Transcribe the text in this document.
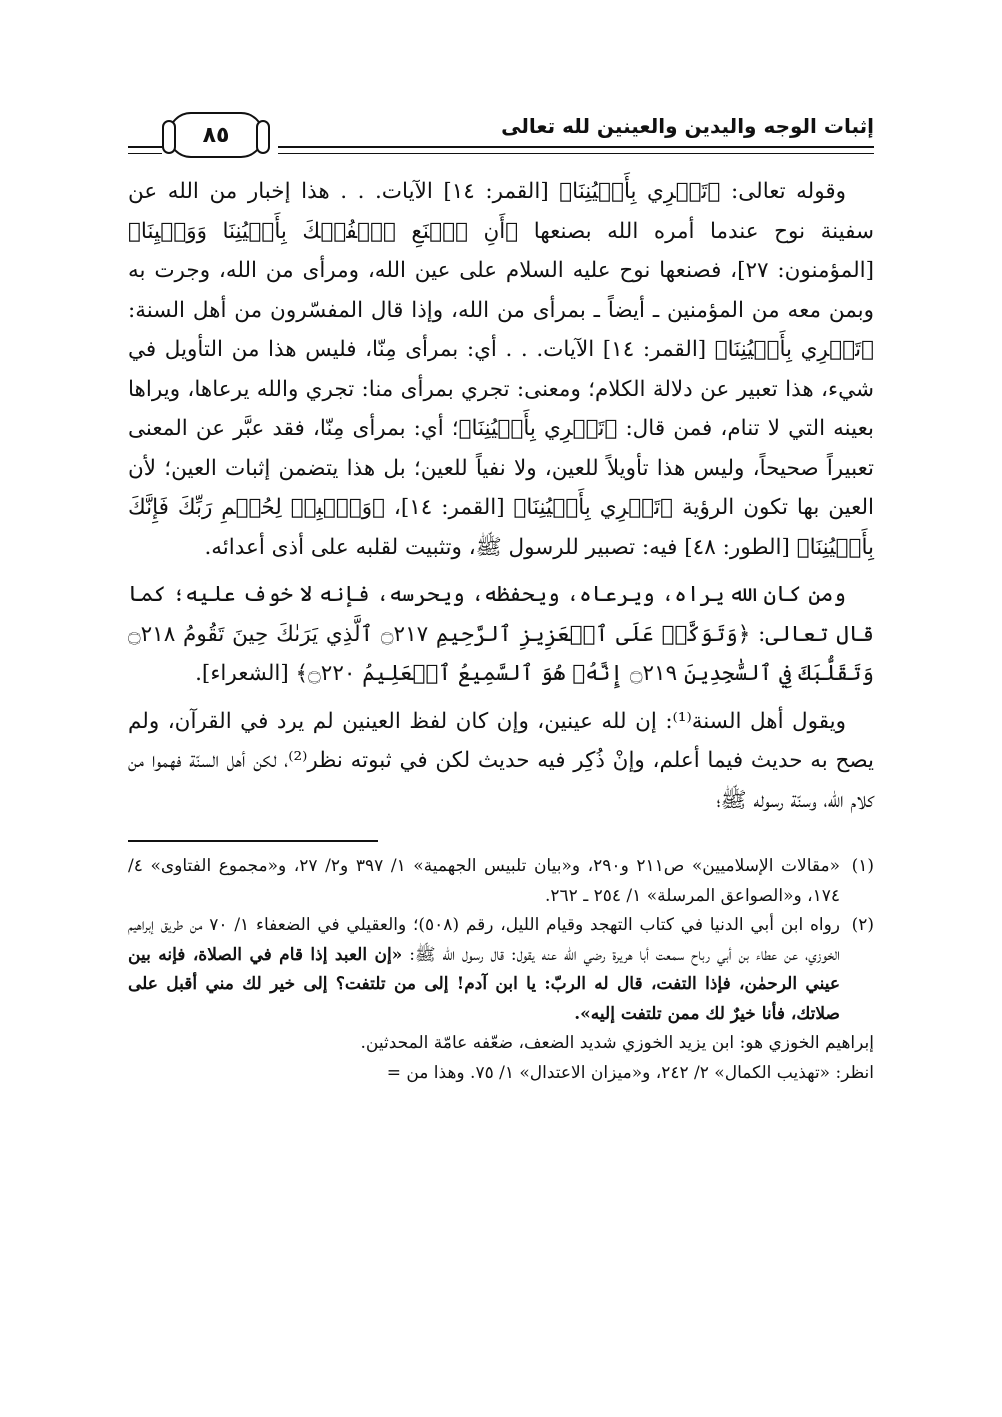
إثبات الوجه واليدين والعينين لله تعالى
٨٥

وقوله تعالى: ﴿تَجۡرِي بِأَعۡيُنِنَا﴾ [القمر: ١٤] الآيات. . . هذا إخبار من الله عن سفينة نوح عندما أمره الله بصنعها ﴿أَنِ ٱصۡنَعِ ٱلۡفُلۡكَ بِأَعۡيُنِنَا وَوَحۡيِنَا﴾ [المؤمنون: ٢٧]، فصنعها نوح عليه السلام على عين الله، ومرأى من الله، وجرت به وبمن معه من المؤمنين ـ أيضاً ـ بمرأى من الله، وإذا قال المفسّرون من أهل السنة: ﴿تَجۡرِي بِأَعۡيُنِنَا﴾ [القمر: ١٤] الآيات. . . أي: بمرأى مِنّا، فليس هذا من التأويل في شيء، هذا تعبير عن دلالة الكلام؛ ومعنى: تجري بمرأى منا: تجري والله يرعاها، ويراها بعينه التي لا تنام، فمن قال: ﴿تَجۡرِي بِأَعۡيُنِنَا﴾؛ أي: بمرأى مِنّا، فقد عبَّر عن المعنى تعبيراً صحيحاً، وليس هذا تأويلاً للعين، ولا نفياً للعين؛ بل هذا يتضمن إثبات العين؛ لأن العين بها تكون الرؤية ﴿تَجۡرِي بِأَعۡيُنِنَا﴾ [القمر: ١٤]، ﴿وَٱصۡبِرۡ لِحُكۡمِ رَبِّكَ فَإِنَّكَ بِأَعۡيُنِنَا﴾ [الطور: ٤٨] فيه: تصبير للرسول ﷺ، وتثبيت لقلبه على أذى أعدائه.

ومن كان الله يراه، ويرعاه، ويحفظه، ويحرسه، فإنه لا خوف عليه؛ كما قال تعالى: ﴿وَتَوَكَّلۡ عَلَى ٱلۡعَزِيزِ ٱلرَّحِيمِ ۝٢١٧ ٱلَّذِي يَرَىٰكَ حِينَ تَقُومُ ۝٢١٨ وَتَقَلُّبَكَ فِي ٱلسَّٰجِدِينَ ۝٢١٩ إِنَّهُۥ هُوَ ٱلسَّمِيعُ ٱلۡعَلِيمُ ۝٢٢٠﴾ [الشعراء].

ويقول أهل السنة⁽¹⁾: إن لله عينين، وإن كان لفظ العينين لم يرد في القرآن، ولم يصح به حديث فيما أعلم، وإنْ ذُكِر فيه حديث لكن في ثبوته نظر⁽²⁾، لكن أهل السنّة فهموا من كلام الله، وسنّة رسوله ﷺ؛

(١)
«مقالات الإسلاميين» ص٢١١ و٢٩٠، و«بيان تلبيس الجهمية» ١/ ٣٩٧ و٢/ ٢٧، و«مجموع الفتاوى» ٤/ ١٧٤، و«الصواعق المرسلة» ١/ ٢٥٤ ـ ٢٦٢.
(٢)
رواه ابن أبي الدنيا في كتاب التهجد وقيام الليل، رقم (٥٠٨)؛ والعقيلي في الضعفاء ١/ ٧٠ من طريق إبراهيم الخوزي، عن عطاء بن أبي رباح سمعت أبا هريرة رضي الله عنه يقول: قال رسول الله ﷺ: «إن العبد إذا قام في الصلاة، فإنه بين عيني الرحمٰن، فإذا التفت، قال له الربّ: يا ابن آدم! إلى من تلتفت؟ إلى خير لك مني أقبل على صلاتك، فأنا خيرٌ لك ممن تلتفت إليه».
إبراهيم الخوزي هو: ابن يزيد الخوزي شديد الضعف، ضعّفه عامّة المحدثين.
انظر: «تهذيب الكمال» ٢/ ٢٤٢، و«ميزان الاعتدال» ١/ ٧٥. وهذا من =
